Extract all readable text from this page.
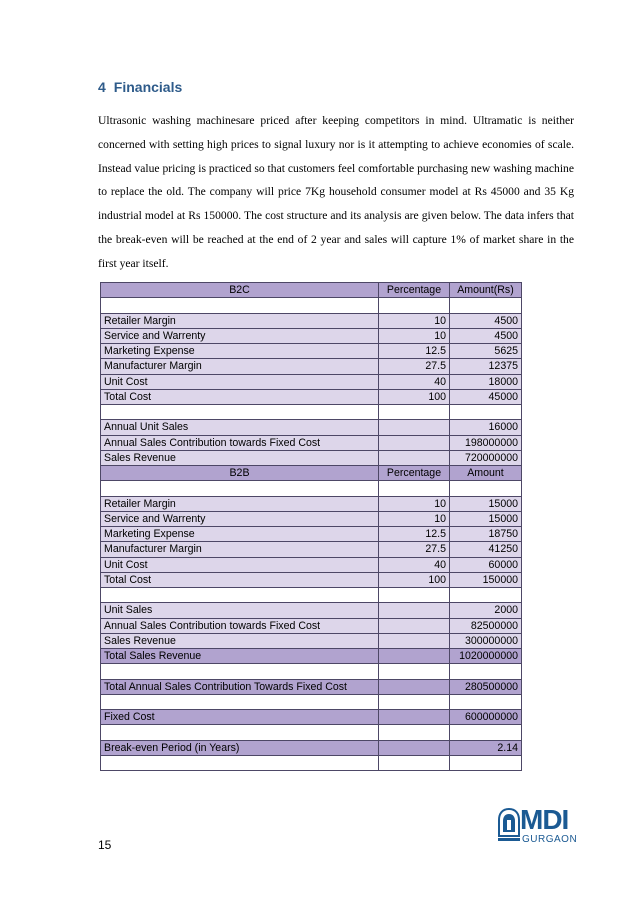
4 Financials

Ultrasonic washing machinesare priced after keeping competitors in mind. Ultramatic is neither concerned with setting high prices to signal luxury nor is it attempting to achieve economies of scale. Instead value pricing is practiced so that customers feel comfortable purchasing new washing machine to replace the old. The company will price 7Kg household consumer model at Rs 45000 and 35 Kg industrial model at Rs 150000. The cost structure and its analysis are given below. The data infers that the break-even will be reached at the end of 2 year and sales will capture 1% of market share in the first year itself.

B2C	Percentage	Amount(Rs)

Retailer Margin	10	4500
Service and Warrenty	10	4500
Marketing Expense	12.5	5625
Manufacturer Margin	27.5	12375
Unit Cost	40	18000
Total Cost	100	45000

Annual Unit Sales		16000
Annual Sales Contribution towards Fixed Cost		198000000
Sales Revenue		720000000
B2B	Percentage	Amount

Retailer Margin	10	15000
Service and Warrenty	10	15000
Marketing Expense	12.5	18750
Manufacturer Margin	27.5	41250
Unit Cost	40	60000
Total Cost	100	150000

Unit Sales		2000
Annual Sales Contribution towards Fixed Cost		82500000
Sales Revenue		300000000
Total Sales Revenue		1020000000

Total Annual Sales Contribution Towards Fixed Cost		280500000

Fixed Cost		600000000

Break-even Period (in Years)		2.14

15
MDI
GURGAON
